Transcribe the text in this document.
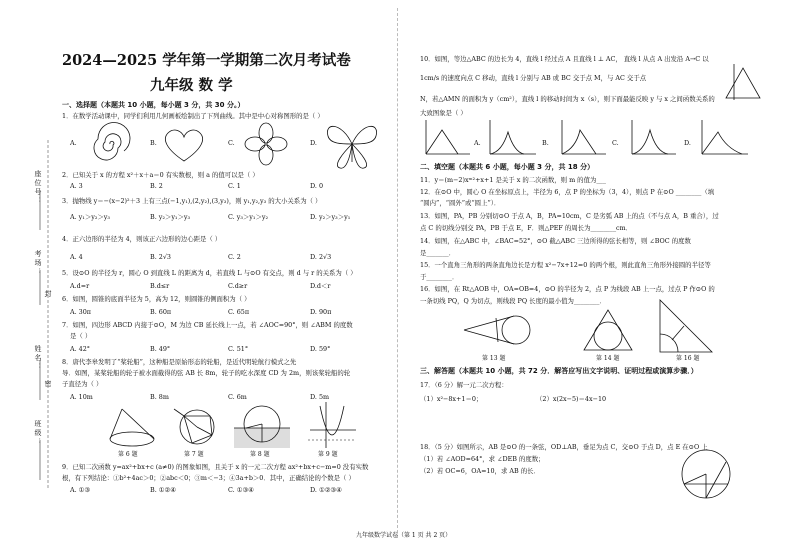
座位号：
考场：
封
姓名：
密
班级：
2024—2025 学年第一学期第二次月考试卷
九年级 数 学
一、选择题（本题共 10 小题，每小题 3 分，共 30 分。）
1．在数学活动课中，同学们利用几何画板绘制出了下列曲线。其中是中心对称图形的是（ ）
A.	B.	C.	D.
2．已知关于 x 的方程 x²＋x＋a＝0 有实数根，则 a 的值可以是（ ）
A. 3	B. 2	C. 1	D. 0
3．抛物线 y＝−(x−2)²＋3 上有三点(−1,y₁),(2,y₂),(3,y₃)，则 y₁,y₂,y₃ 的大小关系为（ ）
A. y₁＞y₂＞y₃	B. y₂＞y₁＞y₃	C. y₃＞y₁＞y₂	D. y₂＞y₃＞y₁
4．正六边形的半径为 4，则该正六边形的边心距是（ ）
A. 4	B. 2√3	C. 2	D. 2√3
5．设⊙O 的半径为 r，圆心 O 到直线 L 的距离为 d，若直线 L 与⊙O 有交点，则 d 与 r 的关系为（ ）
A.d=r	B.d≤r	C.d≥r	D.d＜r
6．如图，圆锥的底面半径为 5，高为 12，则圆锥的侧面积为（ ）
A. 30π	B. 60π	C. 65π	D. 90π
7．如图，四边形 ABCD 内接于⊙O，M 为边 CB 延长线上一点，若 ∠AOC=90°，则 ∠ABM 的度数
是（ ）
A. 42°	B. 49°	C. 51°	D. 59°
8．唐代李皋发明了“桨轮船”，这种船是原始形态的轮船，是近代明轮航行模式之先
导．如图，某桨轮船的轮子被水面截得的弦 AB 长 8m，轮子的吃水深度 CD 为 2m，则该桨轮船的轮
子直径为（ ）
A. 10m	B. 8m	C. 6m	D. 5m
第 6 题	第 7 题	第 8 题	第 9 题
9．已知二次函数 y=ax²+bx+c (a≠0) 的图象如图，且关于 x 的一元二次方程 ax²+bx+c−m=0 没有实数
根，有下列结论：①b²+4ac＞0；②abc＜0；③m＜−3；④3a+b＞0．其中，正确结论的个数是（ ）
A. ①③	B. ①②④	C. ①③④	D. ①②③④
10．如图，等边△ABC 的边长为 4，直线 l 经过点 A 且直线 l ⊥ AC， 直线 l 从点 A 出发沿 A→C 以
1cm/s 的速度向点 C 移动，直线 l 分别与 AB 或 BC 交于点 M，与 AC 交于点
N，若△AMN 的面积为 y（cm²），直线 l 的移动时间为 x（s），则下面最能反映 y 与 x 之间函数关系的
大致图象是（ ）
A.	B.	C.	D.
二、填空题（本题共 6 小题，每小题 3 分，共 18 分）
11．y＝(m−2)xᵐ²+x+1 是关于 x 的二次函数，则 m 的值为___
12．在⊙O 中，圆心 O 在坐标原点上，半径为 6，点 P 的坐标为（3，4），则点 P 在⊙O ________（填
“圆内”，“圆外”或“圆上”）．
13．如图，PA，PB 分别切⊙O 于点 A，B，PA=10cm，C 是劣弧 AB 上的点（不与点 A，B 重合），过
点 C 的切线分别交 PA，PB 于点 E，F．则△PEF 的周长为________cm．
14．如图，在△ABC 中，∠BAC=52°，⊙O 截△ABC 三边所得的弦长相等，则 ∠BOC 的度数
是_______．
15．一个直角三角形的两条直角边长是方程 x²−7x+12=0 的两个根，则此直角三角形外接圆的半径等
于________．
16．如图，在 Rt△AOB 中，OA=OB=4，⊙O 的半径为 2，点 P 为线段 AB 上一点，过点 P 作⊙O 的
一条切线 PQ，Q 为切点，则线段 PQ 长度的最小值为________．
第 13 题	第 14 题	第 16 题
三、解答题（本题共 10 小题，共 72 分．解答应写出文字说明、证明过程或演算步骤．）
17．（6 分）解一元二次方程：
（1）x²−8x+1＝0；	（2）x(2x−5)＝4x−10
18．（5 分）如图所示，AB 是⊙O 的一条弦，OD⊥AB，垂足为点 C，交⊙O 于点 D，点 E 在⊙O 上
（1）若 ∠AOD=64°，求 ∠DEB 的度数；
（2）若 OC=6，OA=10，求 AB 的长．
九年级数学试卷（第 1 页 共 2 页）
